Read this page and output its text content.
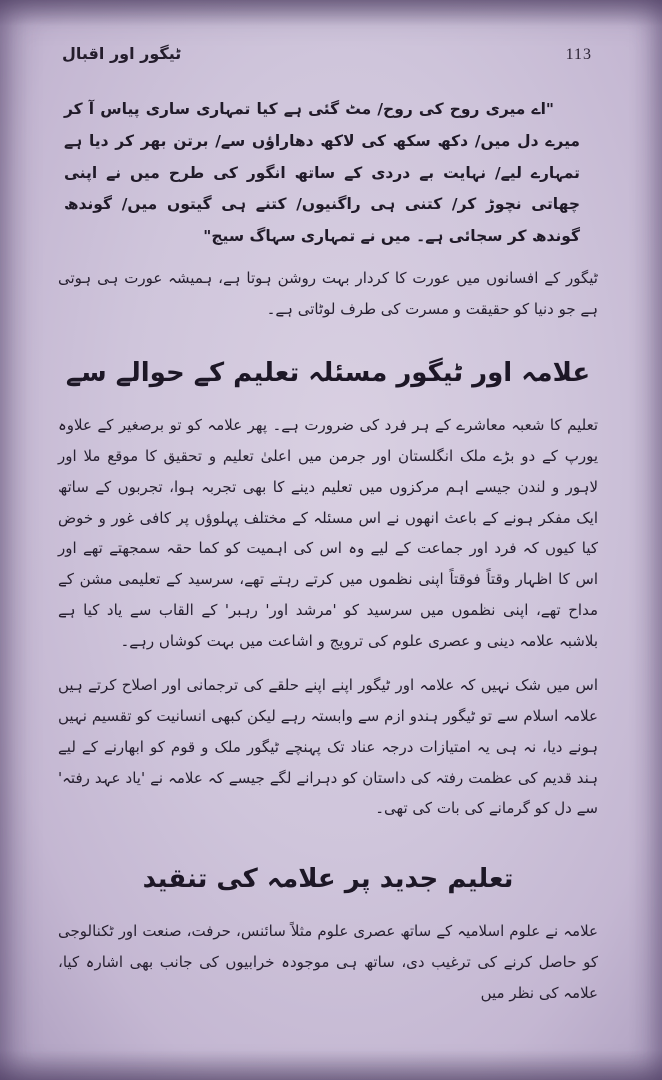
113
ٹیگور اور اقبال

"اے میری روح کی روح/ مٹ گئی ہے کیا تمہاری ساری پیاس آ کر میرے دل میں/ دکھ سکھ کی لاکھ دھاراؤں سے/ برتن بھر کر دیا ہے تمہارے لیے/ نہایت بے دردی کے ساتھ انگور کی طرح میں نے اپنی چھاتی نچوڑ کر/ کتنی ہی راگنیوں/ کتنے ہی گیتوں میں/ گوندھ گوندھ کر سجائی ہے۔ میں نے تمہاری سہاگ سیج"

ٹیگور کے افسانوں میں عورت کا کردار بہت روشن ہوتا ہے، ہمیشہ عورت ہی ہوتی ہے جو دنیا کو حقیقت و مسرت کی طرف لوٹاتی ہے۔

علامہ اور ٹیگور مسئلہ تعلیم کے حوالے سے

تعلیم کا شعبہ معاشرے کے ہر فرد کی ضرورت ہے۔ پھر علامہ کو تو برصغیر کے علاوہ یورپ کے دو بڑے ملک انگلستان اور جرمن میں اعلیٰ تعلیم و تحقیق کا موقع ملا اور لاہور و لندن جیسے اہم مرکزوں میں تعلیم دینے کا بھی تجربہ ہوا، تجربوں کے ساتھ ایک مفکر ہونے کے باعث انھوں نے اس مسئلہ کے مختلف پہلوؤں پر کافی غور و خوض کیا کیوں کہ فرد اور جماعت کے لیے وہ اس کی اہمیت کو کما حقہ سمجھتے تھے اور اس کا اظہار وقتاً فوقتاً اپنی نظموں میں کرتے رہتے تھے، سرسید کے تعلیمی مشن کے مداح تھے، اپنی نظموں میں سرسید کو 'مرشد اور' رہبر' کے القاب سے یاد کیا ہے بلاشبہ علامہ دینی و عصری علوم کی ترویج و اشاعت میں بہت کوشاں رہے۔

اس میں شک نہیں کہ علامہ اور ٹیگور اپنے اپنے حلقے کی ترجمانی اور اصلاح کرتے ہیں علامہ اسلام سے تو ٹیگور ہندو ازم سے وابستہ رہے لیکن کبھی انسانیت کو تقسیم نہیں ہونے دیا، نہ ہی یہ امتیازات درجہ عناد تک پہنچے ٹیگور ملک و قوم کو ابھارنے کے لیے ہند قدیم کی عظمت رفتہ کی داستان کو دہرانے لگے جیسے کہ علامہ نے 'یاد عہد رفتہ' سے دل کو گرمانے کی بات کی تھی۔

تعلیم جدید پر علامہ کی تنقید

علامہ نے علوم اسلامیہ کے ساتھ عصری علوم مثلاً سائنس، حرفت، صنعت اور ٹکنالوجی کو حاصل کرنے کی ترغیب دی، ساتھ ہی موجودہ خرابیوں کی جانب بھی اشارہ کیا، علامہ کی نظر میں
